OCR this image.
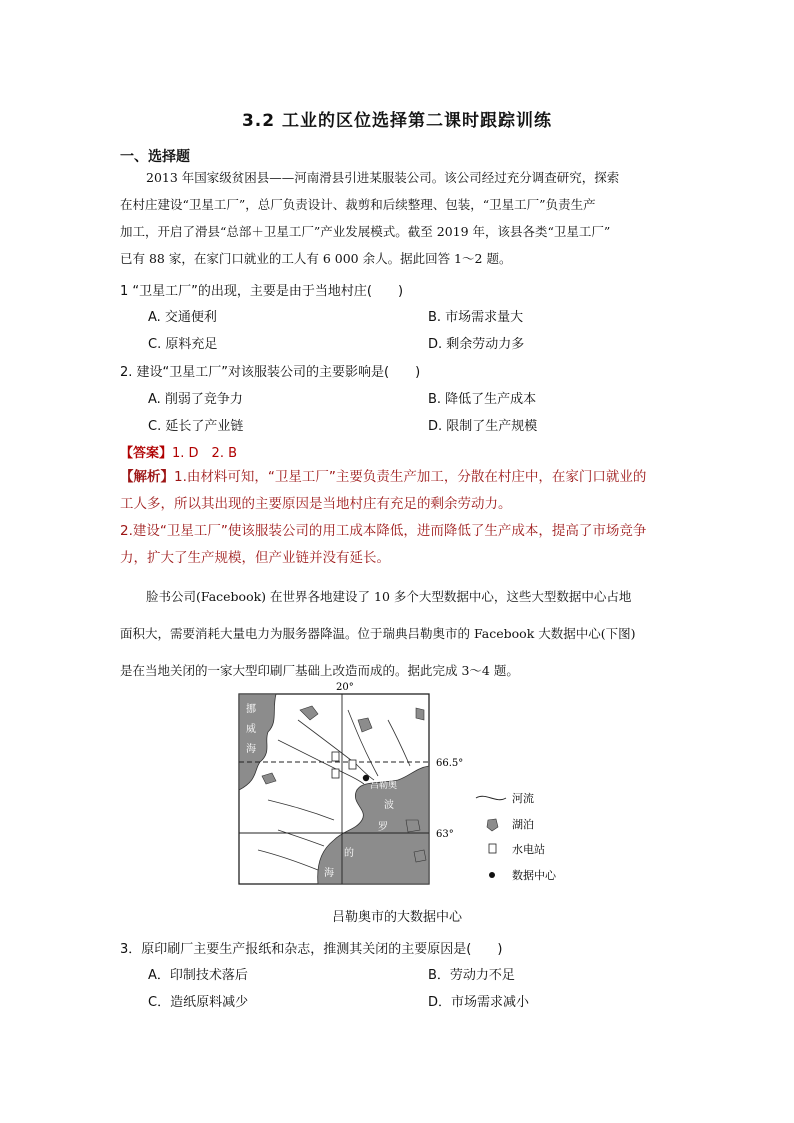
3.2 工业的区位选择第二课时跟踪训练
一、选择题
2013 年国家级贫困县——河南滑县引进某服装公司。该公司经过充分调查研究，探索
在村庄建设“卫星工厂”，总厂负责设计、裁剪和后续整理、包装，“卫星工厂”负责生产
加工，开启了滑县“总部＋卫星工厂”产业发展模式。截至 2019 年，该县各类“卫星工厂”
已有 88 家，在家门口就业的工人有 6 000 余人。据此回答 1～2 题。
1 “卫星工厂”的出现，主要是由于当地村庄(　　)
A. 交通便利	B. 市场需求量大
C. 原料充足	D. 剩余劳动力多
2. 建设“卫星工厂”对该服装公司的主要影响是(　　)
A. 削弱了竞争力	B. 降低了生产成本
C. 延长了产业链	D. 限制了生产规模
【答案】1. D　2. B
【解析】1.由材料可知，“卫星工厂”主要负责生产加工，分散在村庄中，在家门口就业的
工人多，所以其出现的主要原因是当地村庄有充足的剩余劳动力。
2.建设“卫星工厂”使该服装公司的用工成本降低，进而降低了生产成本，提高了市场竞争
力，扩大了生产规模，但产业链并没有延长。
脸书公司(Facebook) 在世界各地建设了 10 多个大型数据中心，这些大型数据中心占地
面积大，需要消耗大量电力为服务器降温。位于瑞典吕勒奥市的 Facebook 大数据中心(下图)
是在当地关闭的一家大型印刷厂基础上改造而成的。据此完成 3～4 题。
20°
66.5°
63°
挪
威
海
吕勒奥
波
罗
的
海
河流
湖泊
水电站
数据中心
吕勒奥市的大数据中心
3．原印刷厂主要生产报纸和杂志，推测其关闭的主要原因是(　　)
A．印制技术落后	B．劳动力不足
C．造纸原料减少	D．市场需求减小
